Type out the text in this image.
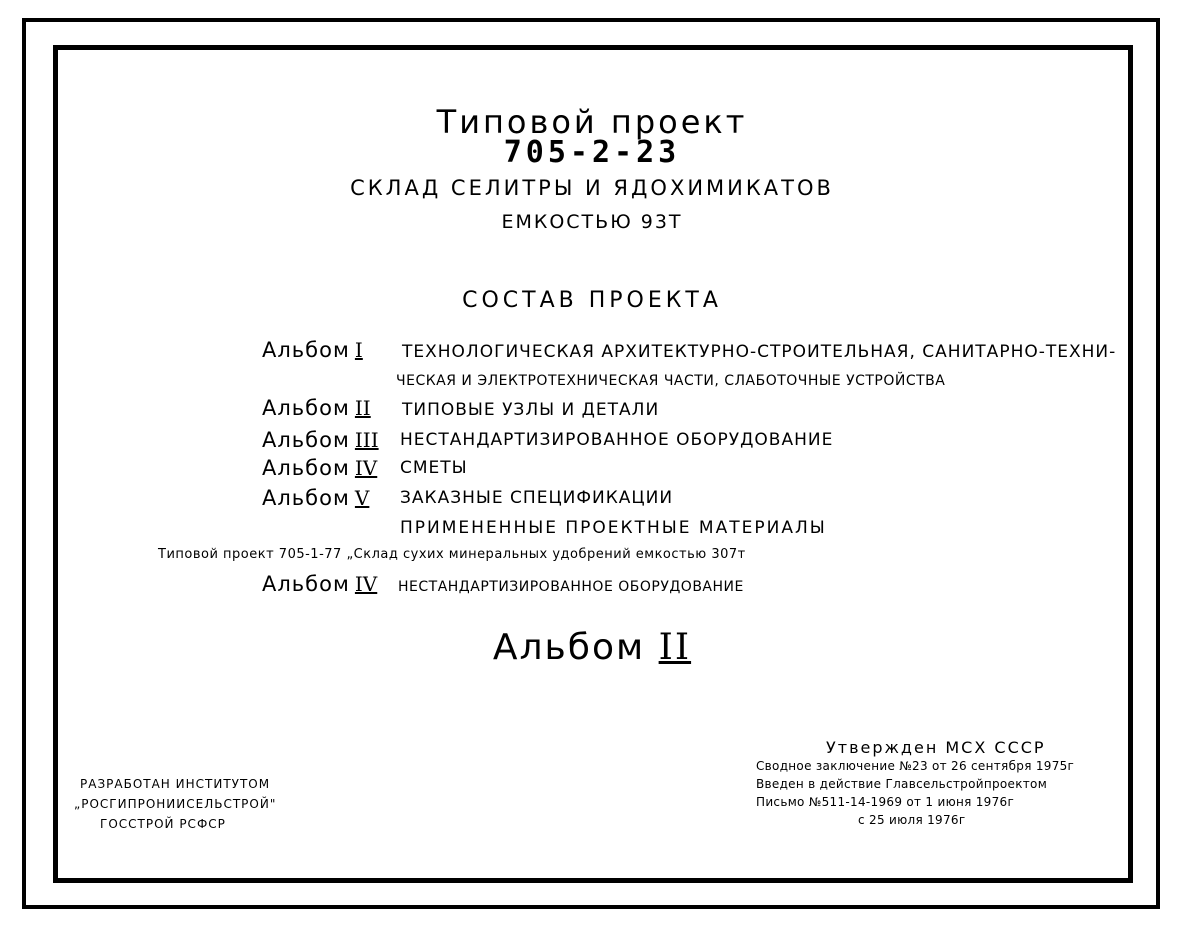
Типовой проект
705-2-23
СКЛАД СЕЛИТРЫ И ЯДОХИМИКАТОВ
ЕМКОСТЬЮ 93Т
СОСТАВ ПРОЕКТА
Альбом I ТЕХНОЛОГИЧЕСКАЯ АРХИТЕКТУРНО-СТРОИТЕЛЬНАЯ, САНИТАРНО-ТЕХНИ-
ЧЕСКАЯ И ЭЛЕКТРОТЕХНИЧЕСКАЯ ЧАСТИ, СЛАБОТОЧНЫЕ УСТРОЙСТВА
Альбом II ТИПОВЫЕ УЗЛЫ И ДЕТАЛИ
Альбом III НЕСТАНДАРТИЗИРОВАННОЕ ОБОРУДОВАНИЕ
Альбом IV СМЕТЫ
Альбом V ЗАКАЗНЫЕ СПЕЦИФИКАЦИИ
ПРИМЕНЕННЫЕ ПРОЕКТНЫЕ МАТЕРИАЛЫ
Типовой проект 705-1-77 „Склад сухих минеральных удобрений емкостью 307т
Альбом IV НЕСТАНДАРТИЗИРОВАННОЕ ОБОРУДОВАНИЕ
Альбом II
РАЗРАБОТАН ИНСТИТУТОМ
„РОСГИПРОНИИСЕЛЬСТРОЙ"
ГОССТРОЙ РСФСР
Утвержден МСХ СССР
Сводное заключение №23 от 26 сентября 1975г
Введен в действие Главсельстройпроектом
Письмо №511-14-1969 от 1 июня 1976г
с 25 июля 1976г
